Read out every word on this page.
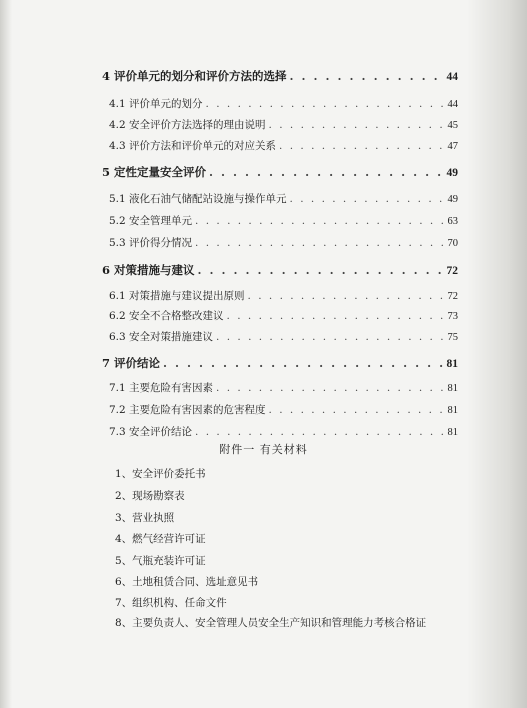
4 评价单元的划分和评价方法的选择 . . .	44
4.1 评价单元的划分 . . .	44
4.2 安全评价方法选择的理由说明 . . .	45
4.3 评价方法和评价单元的对应关系 . . .	47
5 定性定量安全评价 . . .	49
5.1 液化石油气储配站设施与操作单元 . . .	49
5.2 安全管理单元 . . .	63
5.3 评价得分情况 . . .	70
6 对策措施与建议 . . .	72
6.1 对策措施与建议提出原则 . . .	72
6.2 安全不合格整改建议 . . .	73
6.3 安全对策措施建议 . . .	75
7 评价结论 . . .	81
7.1 主要危险有害因素 . . .	81
7.2 主要危险有害因素的危害程度 . . .	81
7.3 安全评价结论 . . .	81
附件一 有关材料
1、安全评价委托书
2、现场勘察表
3、营业执照
4、燃气经营许可证
5、气瓶充装许可证
6、土地租赁合同、选址意见书
7、组织机构、任命文件
8、主要负责人、安全管理人员安全生产知识和管理能力考核合格证
